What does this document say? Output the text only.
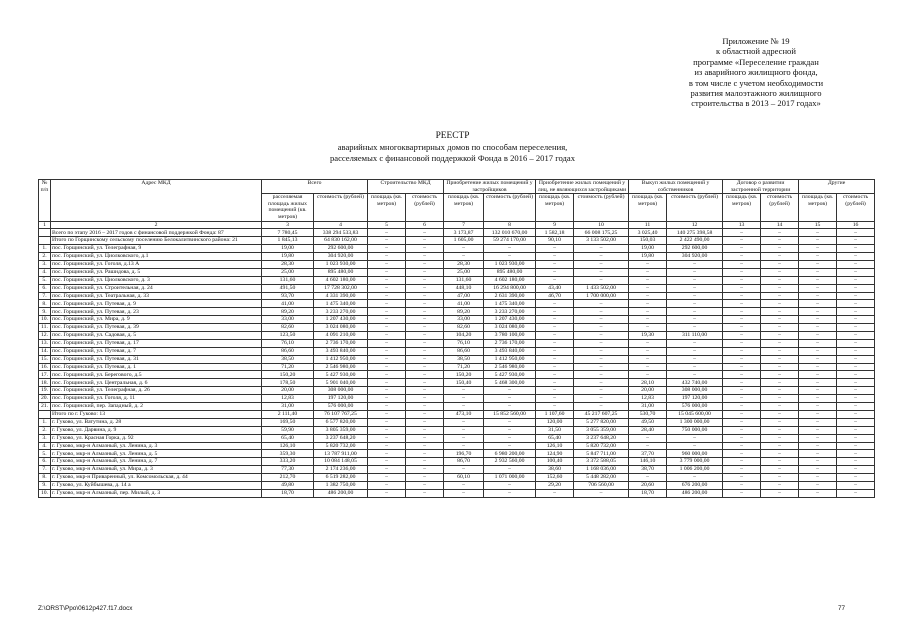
Приложение № 19
к областной адресной
программе «Переселение граждан
из аварийного жилищного фонда,
в том числе с учетом необходимости
развития малоэтажного жилищного
строительства в 2013 – 2017 годах»
РЕЕСТР
аварийных многоквартирных домов по способам переселения,
расселяемых с финансовой поддержкой Фонда в 2016 – 2017 годах
№ п/п	Адрес МКД	Всего		Строительство МКД		Приобретение жилых помещений у застройщиков		Приобретение жилых помещений у лиц, не являющихся застройщиками		Выкуп жилых помещений у собственников		Договор о развитии застроенной территории		Другие	
		расселяемая площадь жилых помещений (кв. метров)	стоимость (рублей)	площадь (кв. метров)	стоимость (рублей)	площадь (кв. метров)	стоимость (рублей)	площадь (кв. метров)	стоимость (рублей)	площадь (кв. метров)	стоимость (рублей)	площадь (кв. метров)	стоимость (рублей)	площадь (кв. метров)	стоимость (рублей)
1	2	3	4	5	6	7	8	9	10	11	12	13	14	15	16
	Всего по этапу 2016 – 2017 годов с финансовой поддержкой Фонда: 87	7 780,45	338 294 533,83	–	–	3 173,87	132 010 670,00	1 582,18	66 008 175,25	3 025,40	140 275 398,58	–	–	–	–
	Итого по Горщинскому сельскому поселению Белокалитвинского района: 21	1 845,13	64 830 162,00	–	–	1 605,00	59 274 170,00	90,10	3 133 502,00	150,03	2 422 490,00	–	–	–	–
1.	пос. Горщинский, ул. Телеграфная, 9	19,00	292 600,00	–	–	–	–	–	–	19,00	292 600,00	–	–	–	–
2.	пос. Горщинский, ул. Циолковского, д.1	19,80	304 920,00	–	–	–	–	–	–	19,80	304 920,00	–	–	–	–
3.	пос. Горщинский, ул. Гоголя, д.13 А	28,30	1 023 930,00	–	–	28,30	1 023 930,00	–	–	–	–	–	–	–	–
4.	пос. Горщинский, ул. Рашидова, д. 5	25,00	895 480,00	–	–	25,00	895 480,00	–	–	–	–	–	–	–	–
5.	пос. Горщинский, ул. Циолковского, д. 3	131,60	4 602 180,00	–	–	131,60	4 602 180,00	–	–	–	–	–	–	–	–
6.	пос. Горщинский, ул. Строительная, д. 24	491,50	17 728 302,00	–	–	448,10	16 294 800,00	43,40	1 433 502,00	–	–	–	–	–	–
7.	пос. Горщинский, ул. Театральная, д. 33	93,70	4 331 390,00	–	–	47,00	2 631 390,00	46,70	1 700 000,00	–	–	–	–	–	–
8.	пос. Горщинский, ул. Путевая, д. 9	41,00	1 475 340,00	–	–	41,00	1 475 340,00	–	–	–	–	–	–	–	–
9.	пос. Горщинский, ул. Путевая, д. 23	89,20	3 233 270,00	–	–	89,20	3 233 270,00	–	–	–	–	–	–	–	–
10.	пос. Горщинский, ул. Мира, д. 9	33,00	1 207 430,00	–	–	33,00	1 207 430,00	–	–	–	–	–	–	–	–
11.	пос. Горщинский, ул. Путевая, д. 39	82,60	3 024 080,00	–	–	82,60	3 024 080,00	–	–	–	–	–	–	–	–
12.	пос. Горщинский, ул. Садовая, д. 5	123,50	4 091 210,00	–	–	104,20	3 780 100,00	–	–	19,30	311 110,00	–	–	–	–
13.	пос. Горщинский, ул. Путевая, д. 17	76,10	2 736 170,00	–	–	76,10	2 736 170,00	–	–	–	–	–	–	–	–
14.	пос. Горщинский, ул. Путевая, д. 7	86,60	3 493 840,00	–	–	86,60	3 493 840,00	–	–	–	–	–	–	–	–
15.	пос. Горщинский, ул. Путевая, д. 31	38,50	1 412 950,00	–	–	38,50	1 412 950,00	–	–	–	–	–	–	–	–
16.	пос. Горщинский, ул. Путевая, д. 1	71,20	2 546 980,00	–	–	71,20	2 546 980,00	–	–	–	–	–	–	–	–
17.	пос. Горщинский, ул. Берегового, д.5	150,20	5 427 930,00	–	–	150,20	5 427 930,00	–	–	–	–	–	–	–	–
18.	пос. Горщинский, ул. Центральная, д. 6	178,50	5 901 040,00	–	–	150,40	5 468 300,00	–	–	28,10	432 740,00	–	–	–	–
19.	пос. Горщинский, ул. Телеграфная, д. 26	20,00	308 000,00	–	–	–	–	–	–	20,00	308 000,00	–	–	–	–
20.	пос. Горщинский, ул. Гоголя, д. 11	12,83	197 120,00	–	–	–	–	–	–	12,83	197 120,00	–	–	–	–
21.	пос. Горщинский, пер. Западный, д. 2	31,00	576 000,00	–	–	–	–	–	–	31,00	576 000,00	–	–	–	–
	Итого по г. Гуково: 13	2 111,40	76 107 767,25	–	–	473,10	15 852 560,00	1 107,60	45 217 607,25	530,70	15 045 600,00	–	–	–	–
1.	г. Гуково, ул. Ватутина, д. 28	169,50	6 577 820,00	–	–	–	–	120,00	5 277 820,00	49,50	1 300 000,00	–	–	–	–
2.	г. Гуково, ул. Дарвина, д. 9	59,90	3 805 359,00	–	–	–	–	31,50	3 055 359,00	28,40	750 000,00	–	–	–	–
3.	г. Гуково, ул. Красная Горка, д. 92	65,40	3 237 648,20	–	–	–	–	65,40	3 237 648,20	–	–	–	–	–	–
4.	г. Гуково, мкр-н Алмазный, ул. Ленина, д. 3	126,10	5 820 732,00	–	–	–	–	126,10	5 820 732,00	–	–	–	–	–	–
5.	г. Гуково, мкр-н Алмазный, ул. Ленина, д. 5	359,30	13 787 911,00	–	–	196,70	6 980 200,00	124,90	5 847 711,00	37,70	960 000,00	–	–	–	–
6.	г. Гуково, мкр-н Алмазный, ул. Ленина, д. 7	333,20	10 084 148,05	–	–	86,70	2 932 560,00	100,40	3 372 588,05	146,10	3 779 000,00	–	–	–	–
7.	г. Гуково, мкр-н Алмазный, ул. Мира, д. 3	77,30	2 174 236,00	–	–	–	–	38,60	1 168 036,00	38,70	1 006 200,00	–	–	–	–
8.	г. Гуково, мкр-н Приваренный, ул. Комсомольская, д. 44	212,70	6 519 282,00	–	–	60,10	1 071 000,00	152,60	5 448 282,00	–	–	–	–	–	–
9.	г. Гуково, ул. Куйбышева, д. 14 а	49,80	1 382 750,00	–	–	–	–	29,20	706 560,00	20,60	676 200,00	–	–	–	–
10.	г. Гуково, мкр-н Алмазный, пер. Милый, д. 3	18,70	486 200,00	–	–	–	–	–	–	18,70	486 200,00	–	–	–	–
Z:\ORST\Ppo\0612p427.f17.docx	77
